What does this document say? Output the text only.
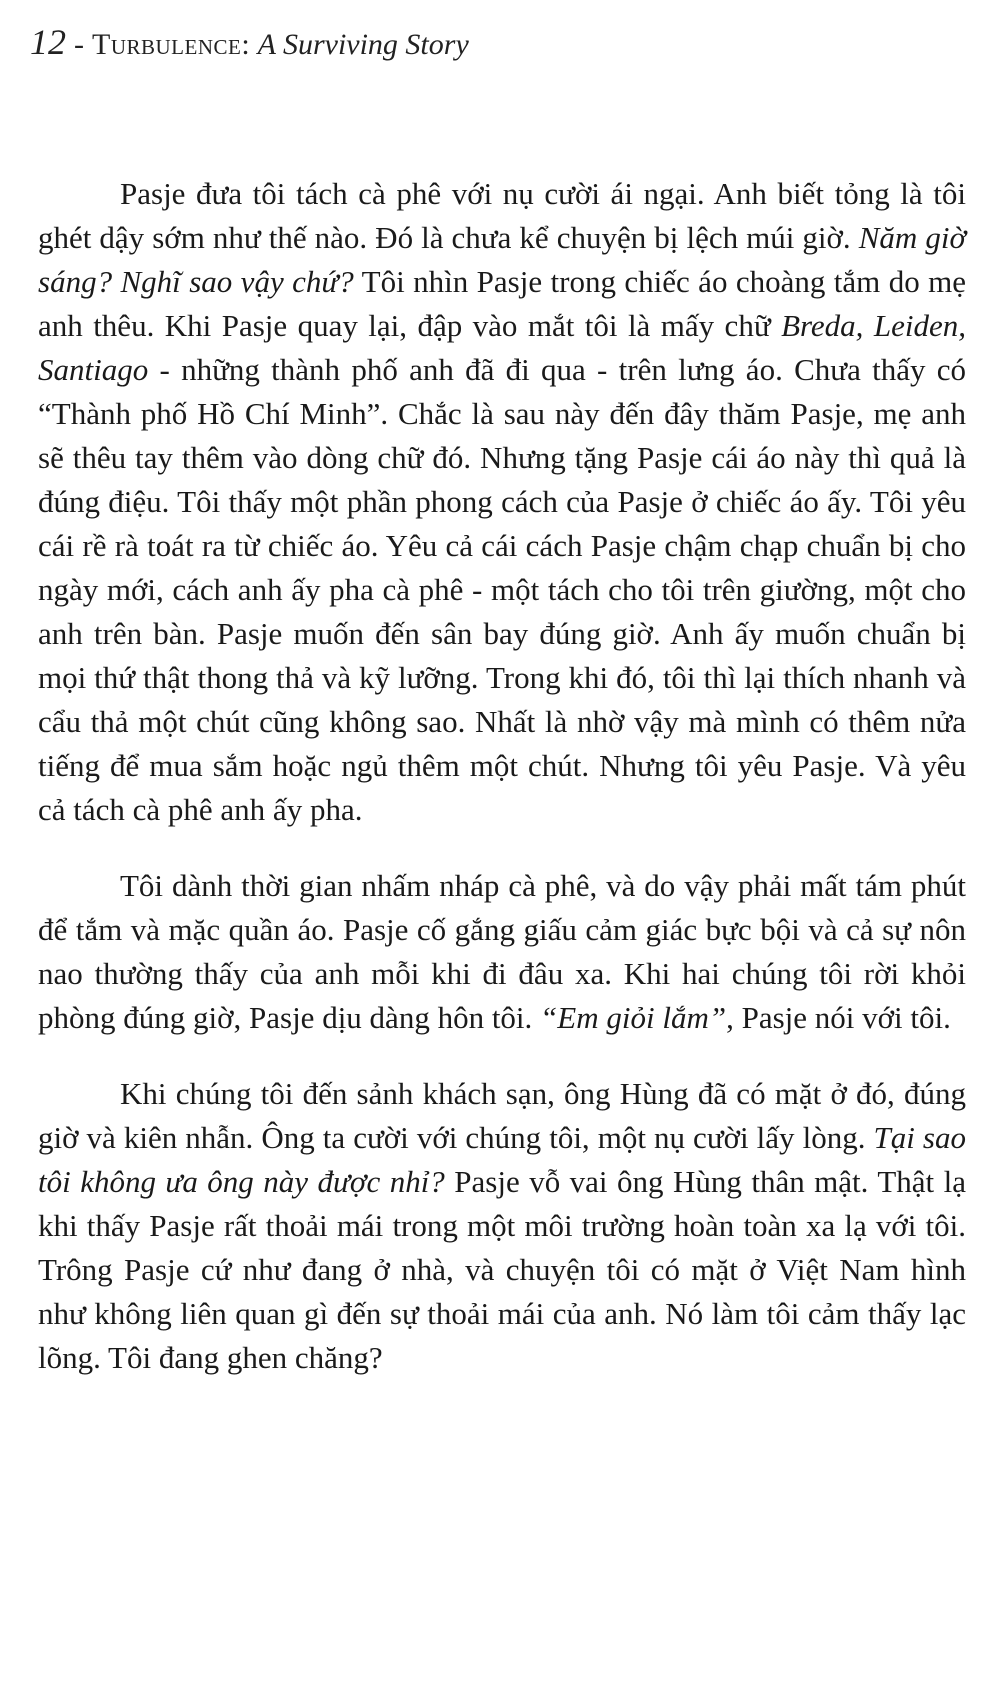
12 - Turbulence: A Surviving Story

Pasje đưa tôi tách cà phê với nụ cười ái ngại. Anh biết tỏng là tôi ghét dậy sớm như thế nào. Đó là chưa kể chuyện bị lệch múi giờ. Năm giờ sáng? Nghĩ sao vậy chứ? Tôi nhìn Pasje trong chiếc áo choàng tắm do mẹ anh thêu. Khi Pasje quay lại, đập vào mắt tôi là mấy chữ Breda, Leiden, Santiago - những thành phố anh đã đi qua - trên lưng áo. Chưa thấy có “Thành phố Hồ Chí Minh”. Chắc là sau này đến đây thăm Pasje, mẹ anh sẽ thêu tay thêm vào dòng chữ đó. Nhưng tặng Pasje cái áo này thì quả là đúng điệu. Tôi thấy một phần phong cách của Pasje ở chiếc áo ấy. Tôi yêu cái rề rà toát ra từ chiếc áo. Yêu cả cái cách Pasje chậm chạp chuẩn bị cho ngày mới, cách anh ấy pha cà phê - một tách cho tôi trên giường, một cho anh trên bàn. Pasje muốn đến sân bay đúng giờ. Anh ấy muốn chuẩn bị mọi thứ thật thong thả và kỹ lưỡng. Trong khi đó, tôi thì lại thích nhanh và cẩu thả một chút cũng không sao. Nhất là nhờ vậy mà mình có thêm nửa tiếng để mua sắm hoặc ngủ thêm một chút. Nhưng tôi yêu Pasje. Và yêu cả tách cà phê anh ấy pha.

Tôi dành thời gian nhấm nháp cà phê, và do vậy phải mất tám phút để tắm và mặc quần áo. Pasje cố gắng giấu cảm giác bực bội và cả sự nôn nao thường thấy của anh mỗi khi đi đâu xa. Khi hai chúng tôi rời khỏi phòng đúng giờ, Pasje dịu dàng hôn tôi. “Em giỏi lắm”, Pasje nói với tôi.

Khi chúng tôi đến sảnh khách sạn, ông Hùng đã có mặt ở đó, đúng giờ và kiên nhẫn. Ông ta cười với chúng tôi, một nụ cười lấy lòng. Tại sao tôi không ưa ông này được nhỉ? Pasje vỗ vai ông Hùng thân mật. Thật lạ khi thấy Pasje rất thoải mái trong một môi trường hoàn toàn xa lạ với tôi. Trông Pasje cứ như đang ở nhà, và chuyện tôi có mặt ở Việt Nam hình như không liên quan gì đến sự thoải mái của anh. Nó làm tôi cảm thấy lạc lõng. Tôi đang ghen chăng?
